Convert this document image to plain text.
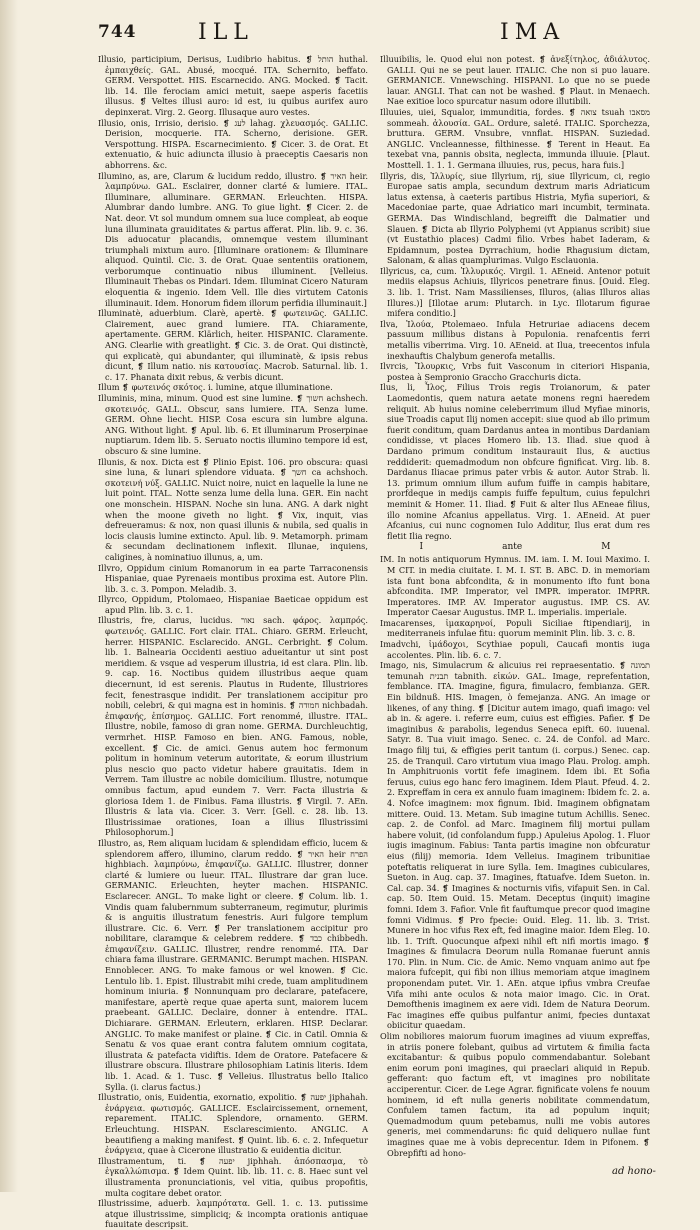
744	ILL	IMA

Illusio, participium, Derisus, Ludibrio habitus. ❡ הותל huthal. ἐμπαιχθείς. GAL. Abusé, mocqué. ITA. Schernito, beffato. GERM. Verspottet. HIS. Escarnecido. ANG. Mocked. ❡ Tacit. lib. 14. Ille ferociam amici metuit, saepe asperis facetiis illusus. ❡ Veltes illusi auro: id est, iu quibus aurifex auro depinxerat. Virg. 2. Georg. Illusaque auro vestes.

Illusio, onis, Irrisio, derisio. ❡ לעג lahag. χλευασμός. GALLIC. Derision, mocquerie. ITA. Scherno, derisione. GER. Verspottung. HISPA. Escarnecimiento. ❡ Cicer. 3. de Orat. Et extenuatio, & huic adiuncta illusio à praeceptis Caesaris non abhorrens. &c.

Illumino, as, are, Clarum & lucidum reddo, illustro. ❡ האיר heir. λαμπρύνω. GAL. Esclairer, donner clarté & lumiere. ITAL. Illuminare, alluminare. GERMAN. Erleuchten. HISPA. Alumbrar dando lumbre. ANG. To giue light. ❡ Cicer. 2. de Nat. deor. Vt sol mundum omnem sua luce compleat, ab eoque luna illuminata grauiditates & partus afferat. Plin. lib. 9. c. 36. Dis aduocatur placandis, omnemque vestem illuminant triumphali mixtum auro. [Illuminare orationem: & Illuminare aliquod. Quintil. Cic. 3. de Orat. Quae sententiis orationem, verborumque continuatio nibus illuminent. [Velleius. Illuminauit Thebas os Pindari. Idem. Illuminat Cicero Naturam eloquentia & ingenio. Idem Vell. Ille dies virtutem Catonis illuminauit. Idem. Honorum fidem illorum perfidia illuminauit.]

Illuminatè, aduerbium. Clarè, apertè. ❡ φωτεινῶς. GALLIC. Clairement, auec grand lumiere. ITA. Chiaramente, apertamente. GERM. Klärlich, heiter. HISPANIC. Claramente. ANG. Clearlie with greatlight. ❡ Cic. 3. de Orat. Qui distinctè, qui explicatè, qui abundanter, qui illuminatè, & ipsis rebus dicunt, ❡ Illum natio. nis κατουσίας. Macrob. Saturnal. lib. 1. c. 17. Phanata dixit rebus, & verbis dicunt.

Illum ❡ φωτεινός σκότος. i. lumine, atque illuminatione.

Illuminis, mina, minum. Quod est sine lumine. ❡ חשוך achshech. σκοτεινός. GALL. Obscur, sans lumiere. ITA. Senza lume. GERM. Ohne liecht. HISP. Cosa escura sin lumbre alguna. ANG. Without light. ❡ Apul. lib. 6. Et illuminarum Proserpinae nuptiarum. Idem lib. 5. Seruato noctis illumino tempore id est, obscuro & sine lumine.

Illunis, & nox. Dicta est ❡ Plinio Epist. 106. pro obscura: quasi sine luna, & lunari splendore viduata. ❡ חשך ca achshoch. σκοτεινή νύξ. GALLIC. Nuict noire, nuict en laquelle la lune ne luit point. ITAL. Notte senza lume della luna. GER. Ein nacht one monschein. HISPAN. Noche sin luna. ANG. A dark night when the moone giveth no light. ❡ Vix, inquit, vias defreueramus: & nox, non quasi illunis & nubila, sed qualis in locis clausis lumine extincto. Apul. lib. 9. Metamorph. primam & secundam declinationem inflexit. Illunae, inquiens, caligines, à nominatiuo illunus, a, um.

Illvro, Oppidum cinium Romanorum in ea parte Tarraconensis Hispaniae, quae Pyrenaeis montibus proxima est. Autore Plin. lib. 3. c. 3. Pompon. Meladib. 3.

Illyrco, Oppidum, Ptolomaeo, Hispaniae Baeticae oppidum est apud Plin. lib. 3. c. 1.

Illustris, fre, clarus, lucidus. נאור sach. φάρος. λαμπρός. φωτεινός. GALLIC. Fort clair. ITAL. Chiaro. GERM. Erleucht, herrer. HISPANIC. Esclarecido. ANGL. Cerbright. ❡ Colum. lib. 1. Balnearia Occidenti aestiuo adueitantur ut sint post meridiem. & vsque ad vesperum illustria, id est clara. Plin. lib. 9. cap. 16. Noctibus quidem illustribus aeque quam diecernunt, id est serenis. Plautus in Rudente, Illustriores fecit, fenestrasque indidit. Per translationem accipitur pro nobili, celebri, & qui magna est in hominis. ❡ חמודה nichbadah. ἐπιφανής, ἐπίσημος. GALLIC. Fort renommé, illustre. ITAL. Illustre, nobile, famoso di gran nome. GERMA. Durchleuchtig, vermrhet. HISP. Famoso en bien. ANG. Famous, noble, excellent. ❡ Cic. de amici. Genus autem hoc fermonum politum in hominum veterum autoritate, & eorum illustrium plus nescio quo pacto videtur habere grauitatis. Idem in Verrem. Tam illustre ac nobile domicilium. Illustre, notumque omnibus factum, apud eundem 7. Verr. Facta illustria & gloriosa Idem 1. de Finibus. Fama illustris. ❡ Virgil. 7. AEn. Illustris & lata via. Cicer. 3. Verr. [Gell. c. 28. lib. 13. Illustrissimae orationes, Ioan a illius Illustrissimi Philosophorum.]

Illustro, as, Rem aliquam lucidam & splendidam efficio, lucem & splendorem affero, illumino, clarum reddo. ❡ האיר heir הפרח highbiach. λαμπρύνω, ἐπιφανίζω. GALLIC. Illustrer, donner clarté & lumiere ou lueur. ITAL. Illustrare dar gran luce. GERMANIC. Erleuchten, heyter machen. HISPANIC. Esclarecer. ANGL. To make light or cleere. ❡ Colum. lib. 1. Vindis quam falubernmum subterraneum, regimutur, plurimis & is anguitis illustratum fenestris. Auri fulgore templum illustrare. Cic. 6. Verr. ❡ Per translationem accipitur pro nobilitare, claramque & celebrem reddere. ❡ כבד chibbedh. ἐπιφανίζειν. GALLIC. Illustrer, rendre renommé. ITA. Dar chiara fama illustrare. GERMANIC. Berumpt machen. HISPAN. Ennoblecer. ANG. To make famous or wel knowen. ❡ Cic. Lentulo lib. 1. Epist. Illustrabit mihi crede, tuam amplitudinem hominum iniuria. ❡ Nonnunquam pro declarare, patefacere, manifestare, apertè reque quae aperta sunt, maiorem lucem praebeant. GALLIC. Declaire, donner à entendre. ITAL. Dichiarare. GERMAN. Erleutern, erklaren. HISP. Declarar. ANGLIC. To make manifest or plaine. ❡ Cic. in Catil. Omnia & Senatu & vos quae erant contra falutem omnium cogitata, illustrata & patefacta vidiftis. Idem de Oratore. Patefacere & illustrare obscura. Illustrare philosophiam Latinis literis. Idem lib. 1. Acad. & 1. Tusc. ❡ Velleius. Illustratus bello Italico Sylla. (i. clarus factus.)

Illustratio, onis, Euidentia, exornatio, expolitio. ❡ יפעה jiphahah. ἐνάργεια. φωτισμός. GALLICE. Esclaircissement, ornement, reparement. ITALIC. Splendore, ornamento. GERM. Erleuchtung. HISPAN. Esclarescimiento. ANGLIC. A beautifieng a making manifest. ❡ Quint. lib. 6. c. 2. Infequetur ἐνάργεια, quae à Cicerone illustratio & euidentia dicitur.

Illustramentum, ti. ❡ יפעה jiphhah. ἀπόσπασμα, τὸ ἐγκαλλώπισμα. ❡ Idem Quint. lib. lib. 11. c. 8. Haec sunt vel illustramenta pronunciationis, vel vitia, quibus propofitis, multa cogitare debet orator.

Illustrissime, aduerb. λαμπρότατα. Gell. 1. c. 13. putissime atque illustrissime, simpliciq; & incompta orationis antiquae fuauitate descripsit.

Illuuibilis, le. Quod elui non potest. ❡ ἀνεξίτηλος, ἀδιάλυτος. GALLI. Qui ne se peut lauer. ITALIC. Che non si puo lauare. GERMANICE. Vnnewsching. HISPANI. Lo que no se puede lauar. ANGLI. That can not be washed. ❡ Plaut. in Menaech. Nae exitioe loco spurcatur nasum odore illutibili.

Illuuies, uiei, Squalor, immunditia, fordes. ❡ צואה tsuah מסאבו sommeah. ἀλουσία. GAL. Ordure, saleté. ITALIC. Sporchezza, bruttura. GERM. Vnsubre, vnnflat. HISPAN. Suziedad. ANGLIC. Vncleannesse, filthinesse. ❡ Terent in Heaut. Ea texebat vna, pannis obsita, neglecta, immunda illuuie. [Plaut. Mosttell. 1. 1. 1. Germana illuuies, rus, pecus, hara fuis.]

Illyris, dis, Ἰλλυρίς, siue Illyrium, rij, siue Illyricum, ci, regio Europae satis ampla, secundum dextrum maris Adriaticum latus extensa, à caeteris partibus Histria, Myfia superiori, & Macedoniae parte, quae Adriatico mari incumbit, terminata. GERMA. Das Windischland, begreifft die Dalmatier und Slauen. ❡ Dicta ab Illyrio Polyphemi (vt Appianus scribit) siue (vt Eustathio places) Cadmi filio. Vrbes habet Iaderam, & Epidamnum, postea Dyrrachium, hodie Rhagusium dictam, Salonam, & alias quamplurimas. Vulgo Esclauonia.

Illyricus, ca, cum. Ἰλλυρικός. Virgil. 1. AEneid. Antenor potuit mediis elapsus Achiuis, Illyricos penetrare finus. [Ouid. Eleg. 3. lib. 1. Trist. Nam Massilienses, Illuros, (alias Illuros alias Illures.)] [Illotae arum: Plutarch. in Lyc. Illotarum figurae mifera conditio.]

Ilva, Ἰλούα, Ptolemaeo. Infula Hetruriae adiacens decem passuum millibus distans à Populonia. renafcentis ferri metallis viberrima. Virg. 10. AEneid. at Ilua, treecentos infula inexhauftis Chalybum generofa metallis.

Ilvrcis, Ἴλουρκις, Vrbs fuit Vasconum in citeriori Hispania, postea à Sempronio Graccho Gracchuris dicta.

Ilus, li, Ἶλος, Filius Trois regis Troianorum, & pater Laomedontis, quem natura aetate monens regni haeredem reliquit. Ab huius nomine celeberrimum illud Myfiae minoris, siue Troadis caput Ilij nomen accepit: siue quod ab illo primum fuerit conditum, quam Dardanus antea in montibus Dardaniam condidisse, vt places Homero lib. 13. Iliad. siue quod à Dardano primum conditum instaurauit Ilus, & auctius reddiderit: quemadmodum non obfcure fignificat. Virg. lib. 8. Dardanus Iliacae primus pater vrbis & autor. Autor Strab. li. 13. primum omnium illum aufum fuiffe in campis habitare, prorfdeque in medijs campis fuiffe fepultum, cuius fepulchri meminit & Homer. 11. Iliad. ❡ Fuit & alter Ilus AEneae filius, illo nomine Afcanius appellatus. Virg. 1. AEneid. At puer Afcanius, cui nunc cognomen Iulo Additur, Ilus erat dum res fletit Ilia regno.

I	ante	M

IM. In notis antiquorum Hymnus. IM. iam. I. M. Ioui Maximo. I. M CIT. in media ciuitate. I. M. I. ST. B. ABC. D. in memoriam ista funt bona abfcondita, & in monumento ifto funt bona abfcondita. IMP. Imperator, vel IMPR. imperator. IMPRR. Imperatores. IMP. AV. Imperator augustus. IMP. CS. AV. Imperator Caesar Augustus. IMP. L. imperialis. imperiale.

Imacarenses, ἰμακαρηνοί, Populi Siciliae ftipendiarij, in mediterraneis infulae fitu: quorum meminit Plin. lib. 3. c. 8.

Imadvchi, ἰμάδοχοι, Scythiae populi, Caucafi montis iuga accolentes. Plin. lib. 6. c. 7.

Imago, nis, Simulacrum & alicuius rei repraesentatio. ❡ תמונה temunah תבנית tabnith. εἰκών. GAL. Image, reprefentation, femblance. ITA. Imagine, figura, fimulacro, fembianza. GER. Ein bildnuß. HIS. Imagen, ò femejanza. ANG. An image or likenes, of any thing. ❡ [Dicitur autem imago, quafi imago: vel ab in. & agere. i. referre eum, cuius est effigies. Pafier. ❡ De imaginibus & parabolis, legendus Seneca epift. 60. iuuenal. Satyr. 8. Tua viuit imago. Senec. c. 24. de Confol. ad Marc. Imago filij tui, & effigies perit tantum (i. corpus.) Senec. cap. 25. de Tranquil. Caro virtutum viua imago Plau. Prolog. amph. In Amphitruonis vortit fefe imaginem. Idem ibi. Et Sofia feruus, cuius ego hanc fero imaginem. Idem Plaut. Pfeud. 4. 2. 2. Expreffam in cera ex annulo fuam imaginem: Ibidem fc. 2. a. 4. Nofce imaginem: mox fignum. Ibid. Imaginem obfignatam mittere. Ouid. 13. Metam. Sub imagine tutum Achillis. Senec. cap. 2. de Confol. ad Marc. Imaginem filij mortui pullam habere voluit, (id confolandum fupp.) Apuleius Apolog. 1. Fluor iugis imaginum. Fabius: Tanta partis imagine non obfcuratur eius (filij) memoria. Idem Velleius. Imaginem tribunitiae poteftatis reliquerat in iure Sylla. Iem. Imagines cubiculares, Sueton. in Aug. cap. 37. Imagines, ftatuafve. Idem Sueton. in. Cal. cap. 34. ❡ Imagines & nocturnis vifis, vifapuit Sen. in Cal. cap. 50. Item Ouid. 15. Metam. Deceptus (inquit) imagine fomni. Idem 3. Fafior. Vnle fit fauftumque precor quod imagine fomni Vidimus. ❡ Pro fpecie: Ouid. Eleg. 11. lib. 3. Trist. Munere in hoc vifus Rex eft, fed imagine maior. Idem Eleg. 10. lib. 1. Trift. Quocunque afpexi nihil eft nifi mortis imago. ❡ Imagines & fimulacra Deorum nulla Romanae fuerunt annis 170. Plin. in Num. Cic. de Amic. Nemo vnquam animo aut fpe maiora fufcepit, qui fibi non illius memoriam atque imaginem proponendam putet. Vir. 1. AEn. atque ipfius vmbra Creufae Vifa mihi ante oculos & nota maior imago. Cic. in Orat. Demofthenis imaginem ex aere vidi. Idem de Natura Deorum. Fac imagines effe quibus pulfantur animi, fpecies duntaxat obiicitur quaedam.

Olim nobiliores maiorum fuorum imagines ad viuum expreffas, in atriis ponere folebant, quibus ad virtutem & fimilia facta excitabantur: & quibus populo commendabantur. Solebant enim eorum poni imagines, qui praeclari aliquid in Repub. gefferant: quo factum eft, vt imagines pro nobilitate acciperentur. Cicer. de Lege Agrar. fignificate volens fe nouum hominem, id eft nulla generis nobilitate commendatum, Confulem tamen factum, ita ad populum inquit; Quemadmodum quum petebamus, nulli me vobis autores generis, mei commendaruns: fic quid deliquero nullae funt imagines quae me à vobis deprecentur. Idem in Pifonem. ❡ Obrepfifti ad hono-

ad hono-
